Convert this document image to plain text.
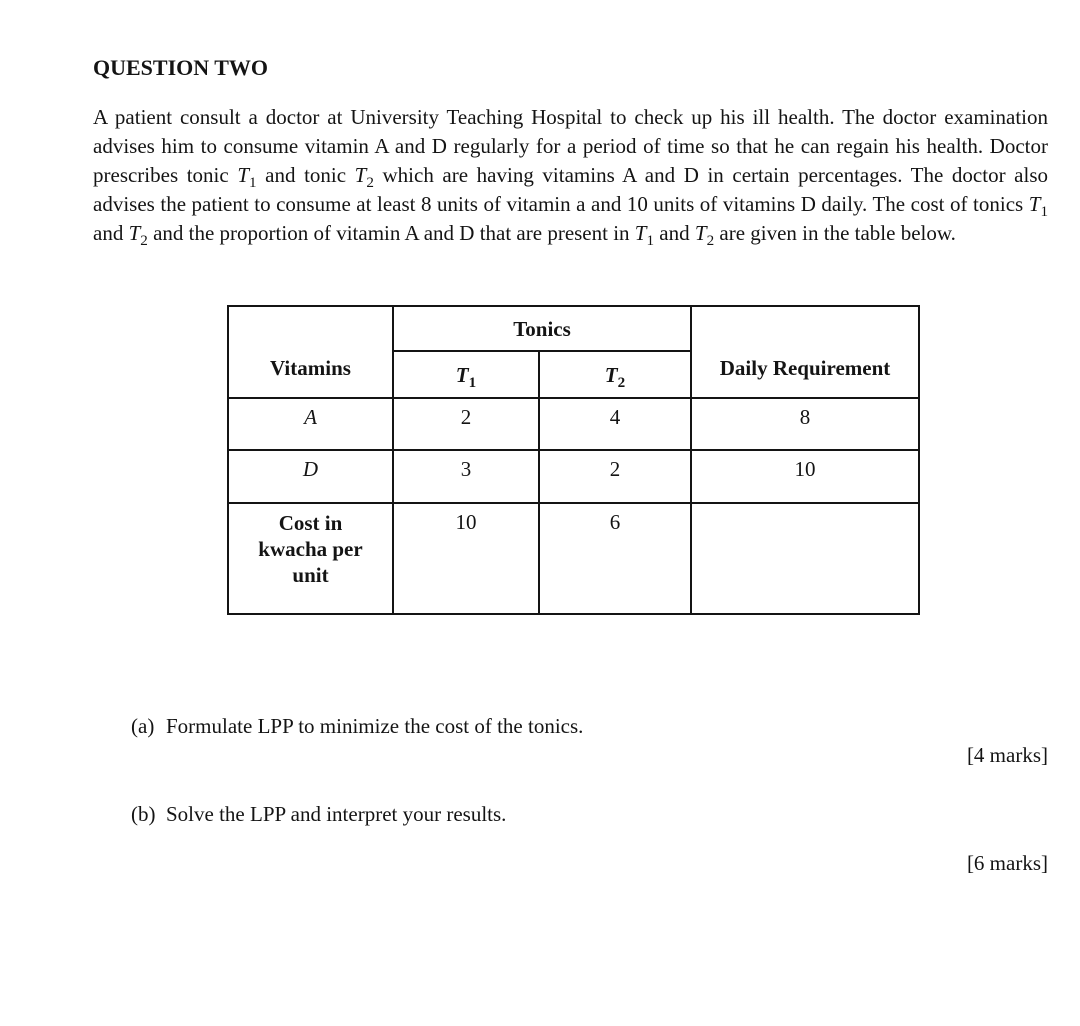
QUESTION TWO

A patient consult a doctor at University Teaching Hospital to check up his ill health. The doctor examination advises him to consume vitamin A and D regularly for a period of time so that he can regain his health. Doctor prescribes tonic $T_1$ and tonic $T_2$ which are having vitamins A and D in certain percentages. The doctor also advises the patient to consume at least 8 units of vitamin a and 10 units of vitamins D daily. The cost of tonics $T_1$ and $T_2$ and the proportion of vitamin A and D that are present in $T_1$ and $T_2$ are given in the table below.

Vitamins	Tonics		Daily Requirement
	$T_1$	$T_2$
A	2	4	8
D	3	2	10
Cost in kwacha per unit	10	6	
(a) Formulate LPP to minimize the cost of the tonics.
[4 marks]
(b) Solve the LPP and interpret your results.
[6 marks]
